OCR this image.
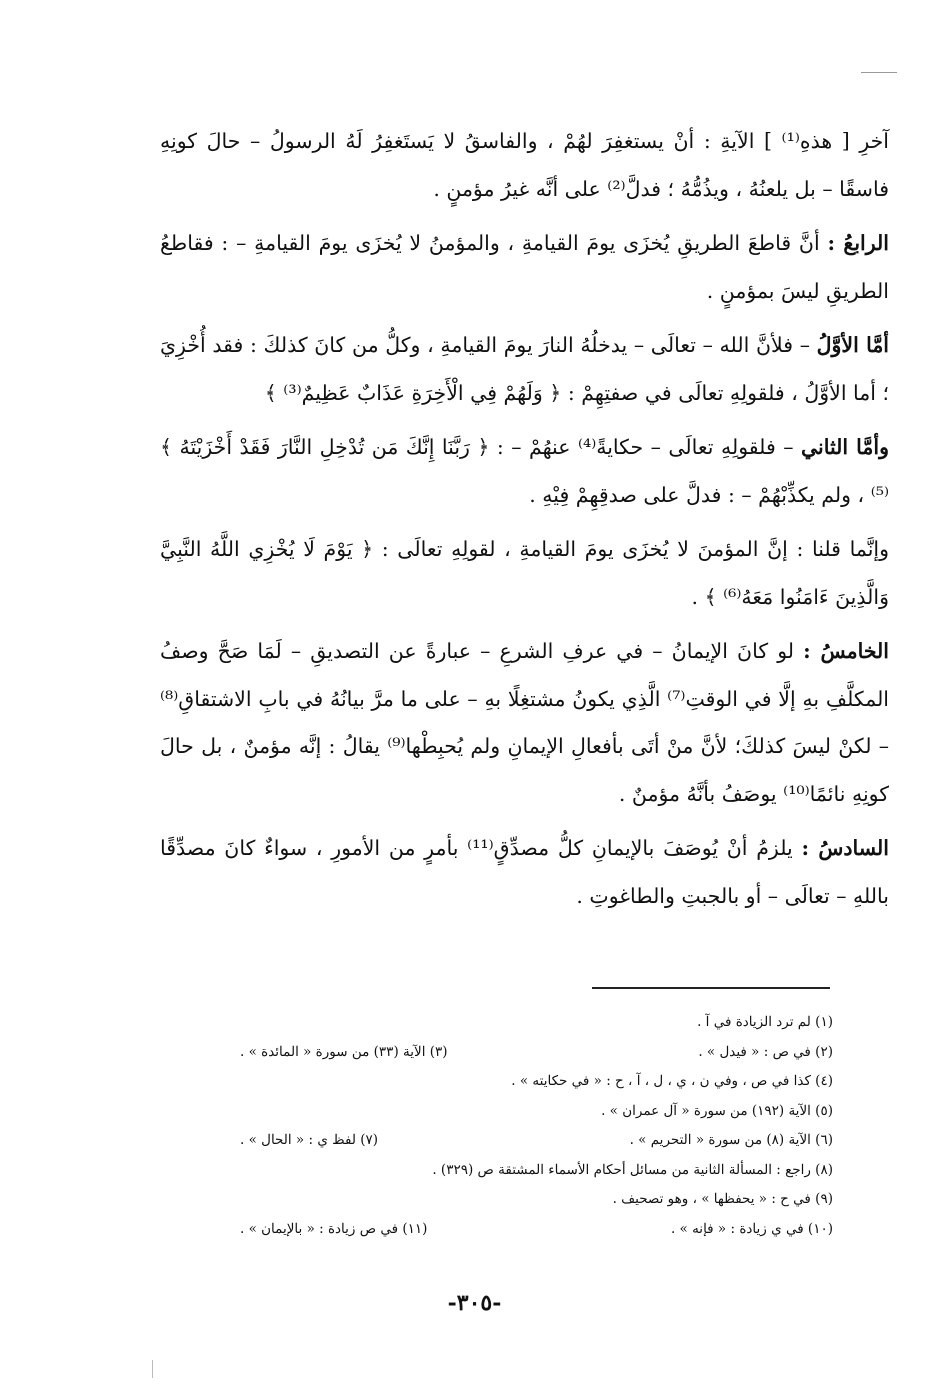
آخرِ [ هذهِ⁽¹⁾ ] الآيةِ : أنْ يستغفِرَ لهُمْ ، والفاسقُ لا يَستَغفِرُ لَهُ الرسولُ – حالَ كونِهِ فاسقًا – بل يلعنُهُ ، ويذُمُّهُ ؛ فدلَّ⁽²⁾ على أنَّه غيرُ مؤمنٍ .

الرابعُ : أنَّ قاطعَ الطريقِ يُخزَى يومَ القيامةِ ، والمؤمنُ لا يُخزَى يومَ القيامةِ – : فقاطعُ الطريقِ ليسَ بمؤمنٍ .

أمَّا الأوَّلُ – فلأنَّ الله – تعالَى – يدخلُهُ النارَ يومَ القيامةِ ، وكلُّ من كانَ كذلكَ : فقد أُخْزِيَ ؛ أما الأوَّلُ ، فلقولِهِ تعالَى في صفتِهِمْ : ﴿ وَلَهُمْ فِي الْأَخِرَةِ عَذَابٌ عَظِيمٌ⁽³⁾ ﴾

وأمَّا الثاني – فلقولِهِ تعالَى – حكايةً⁽⁴⁾ عنهُمْ – : ﴿ رَبَّنَا إِنَّكَ مَن تُدْخِلِ النَّارَ فَقَدْ أَخْزَيْتَهُ ﴾⁽⁵⁾ ، ولم يكذِّبْهُمْ – : فدلَّ على صدقِهِمْ فِيْهِ .

وإنَّما قلنا : إنَّ المؤمنَ لا يُخزَى يومَ القيامةِ ، لقولِهِ تعالَى : ﴿ يَوْمَ لَا يُخْزِي اللَّهُ النَّبِيَّ وَالَّذِينَ ءَامَنُوا مَعَهُ⁽⁶⁾ ﴾ .

الخامسُ : لو كانَ الإيمانُ – في عرفِ الشرعِ – عبارةً عن التصديقِ – لَمَا صَحَّ وصفُ المكلَّفِ بهِ إلَّا في الوقتِ⁽⁷⁾ الَّذِي يكونُ مشتغِلًا بهِ – على ما مرَّ بيانُهُ في بابِ الاشتقاقِ⁽⁸⁾ – لكنْ ليسَ كذلكَ؛ لأنَّ منْ أتَى بأفعالِ الإيمانِ ولم يُحبِطْها⁽⁹⁾ يقالُ : إنَّه مؤمنٌ ، بل حالَ كونِهِ نائمًا⁽¹⁰⁾ يوصَفُ بأنَّهُ مؤمنٌ .

السادسُ : يلزمُ أنْ يُوصَفَ بالإيمانِ كلُّ مصدِّقٍ⁽¹¹⁾ بأمرٍ من الأمورِ ، سواءٌ كانَ مصدِّقًا باللهِ – تعالَى – أو بالجبتِ والطاغوتِ .

(١) لم ترد الزيادة في آ .
(٢) في ص : « فيدل » .
(٣) الآية (٣٣) من سورة « المائدة » .
(٤) كذا في ص ، وفي ن ، ي ، ل ، آ ، ح : « في حكايته » .
(٥) الآية (١٩٢) من سورة « آل عمران » .
(٦) الآية (٨) من سورة « التحريم » .
(٧) لفظ ي : « الحال » .
(٨) راجع : المسألة الثانية من مسائل أحكام الأسماء المشتقة ص (٣٢٩) .
(٩) في ح : « يحفظها » ، وهو تصحيف .
(١٠) في ي زيادة : « فإنه » .
(١١) في ص زيادة : « بالإيمان » .
-٣٠٥-
